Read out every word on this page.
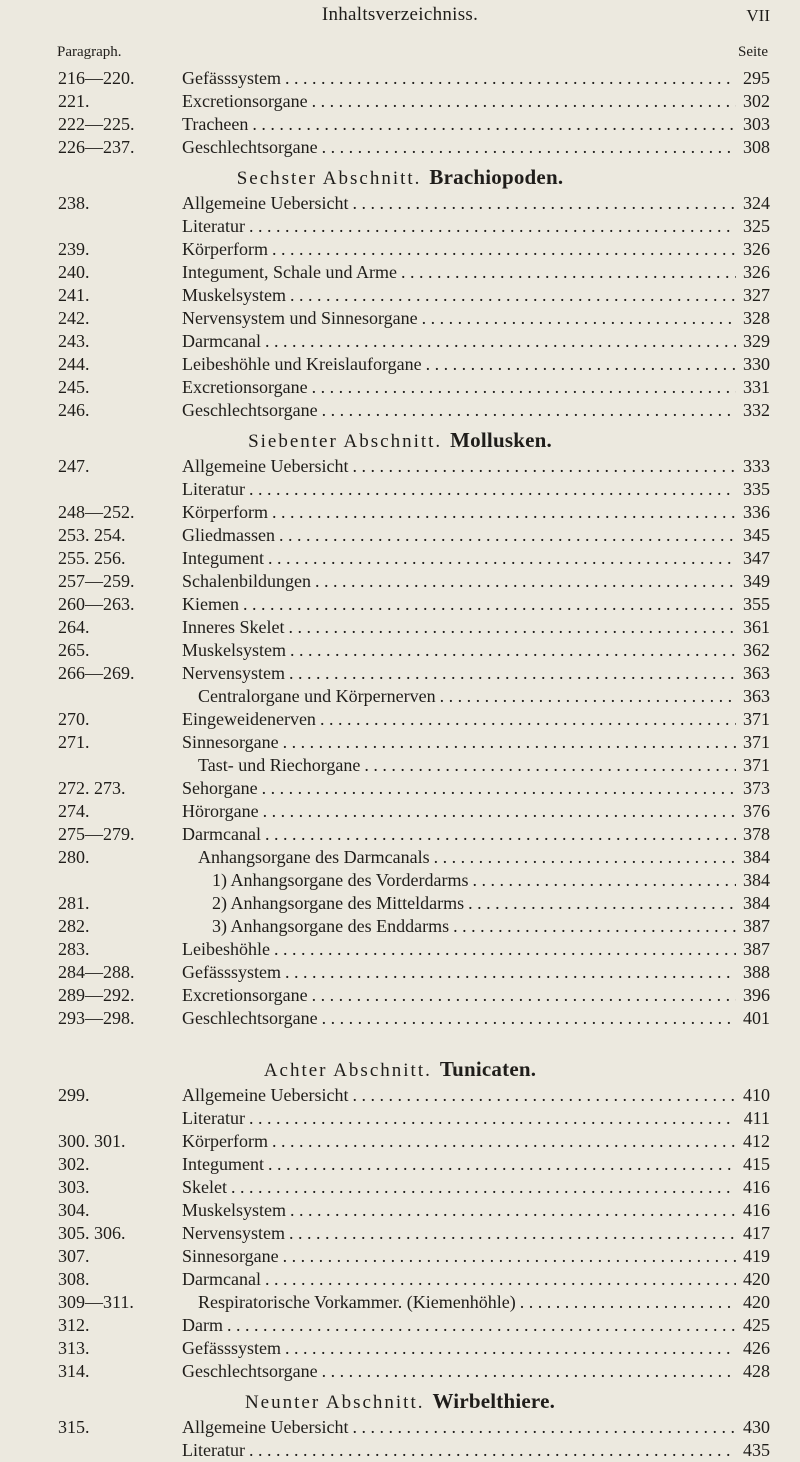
Inhaltsverzeichniss.	VII
Paragraph.	Seite
216—220.	Gefässsystem . . .	295
221.	Excretionsorgane . . .	302
222—225.	Tracheen . . .	303
226—237.	Geschlechtsorgane . . .	308
Sechster Abschnitt. Brachiopoden.
238.	Allgemeine Uebersicht . . .	324
Literatur . . .	325
239.	Körperform . . .	326
240.	Integument, Schale und Arme . . .	326
241.	Muskelsystem . . .	327
242.	Nervensystem und Sinnesorgane . . .	328
243.	Darmcanal . . .	329
244.	Leibeshöhle und Kreislauforgane . . .	330
245.	Excretionsorgane . . .	331
246.	Geschlechtsorgane . . .	332
Siebenter Abschnitt. Mollusken.
247.	Allgemeine Uebersicht . . .	333
Literatur . . .	335
248—252.	Körperform . . .	336
253. 254.	Gliedmassen . . .	345
255. 256.	Integument . . .	347
257—259.	Schalenbildungen . . .	349
260—263.	Kiemen . . .	355
264.	Inneres Skelet . . .	361
265.	Muskelsystem . . .	362
266—269.	Nervensystem . . .	363
Centralorgane und Körpernerven . . .	363
270.	Eingeweidenerven . . .	371
271.	Sinnesorgane . . .	371
Tast- und Riechorgane . . .	371
272. 273.	Sehorgane . . .	373
274.	Hörorgane . . .	376
275—279.	Darmcanal . . .	378
280.	Anhangsorgane des Darmcanals . . .	384
1) Anhangsorgane des Vorderdarms . . .	384
281.	2) Anhangsorgane des Mitteldarms . . .	384
282.	3) Anhangsorgane des Enddarms . . .	387
283.	Leibeshöhle . . .	387
284—288.	Gefässsystem . . .	388
289—292.	Excretionsorgane . . .	396
293—298.	Geschlechtsorgane . . .	401
Achter Abschnitt. Tunicaten.
299.	Allgemeine Uebersicht . . .	410
Literatur . . .	411
300. 301.	Körperform . . .	412
302.	Integument . . .	415
303.	Skelet . . .	416
304.	Muskelsystem . . .	416
305. 306.	Nervensystem . . .	417
307.	Sinnesorgane . . .	419
308.	Darmcanal . . .	420
309—311.	Respiratorische Vorkammer. (Kiemenhöhle) . . .	420
312.	Darm . . .	425
313.	Gefässsystem . . .	426
314.	Geschlechtsorgane . . .	428
Neunter Abschnitt. Wirbelthiere.
315.	Allgemeine Uebersicht . . .	430
Literatur . . .	435
